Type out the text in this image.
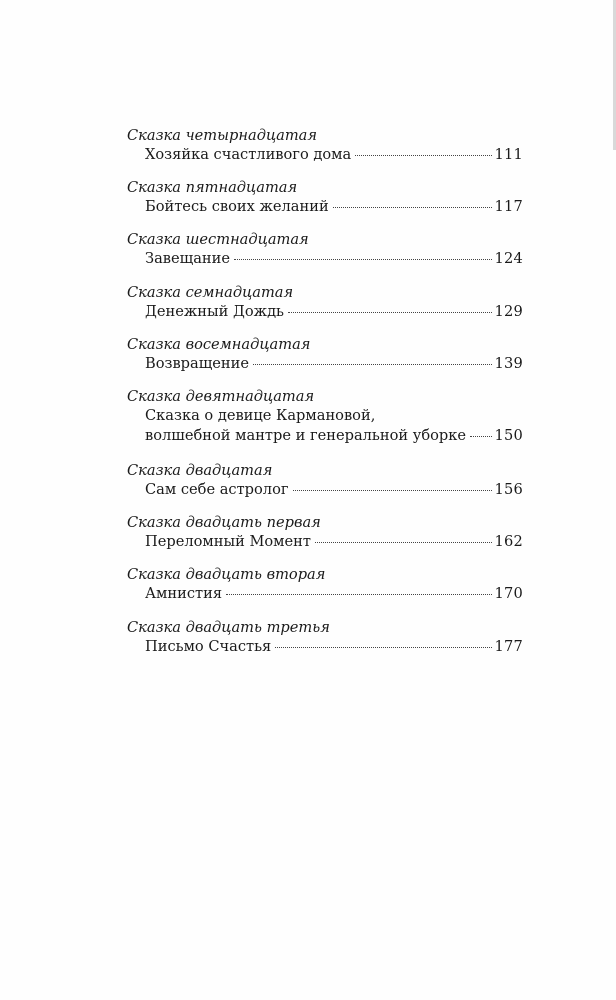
Сказка четырнадцатая
Хозяйка счастливого дома	111
Сказка пятнадцатая
Бойтесь своих желаний	117
Сказка шестнадцатая
Завещание	124
Сказка семнадцатая
Денежный Дождь	129
Сказка восемнадцатая
Возвращение	139
Сказка девятнадцатая
Сказка о девице Кармановой,
волшебной мантре и генеральной уборке 150
Сказка двадцатая
Сам себе астролог	156
Сказка двадцать первая
Переломный Момент	162
Сказка двадцать вторая
Амнистия	170
Сказка двадцать третья
Письмо Счастья	177
